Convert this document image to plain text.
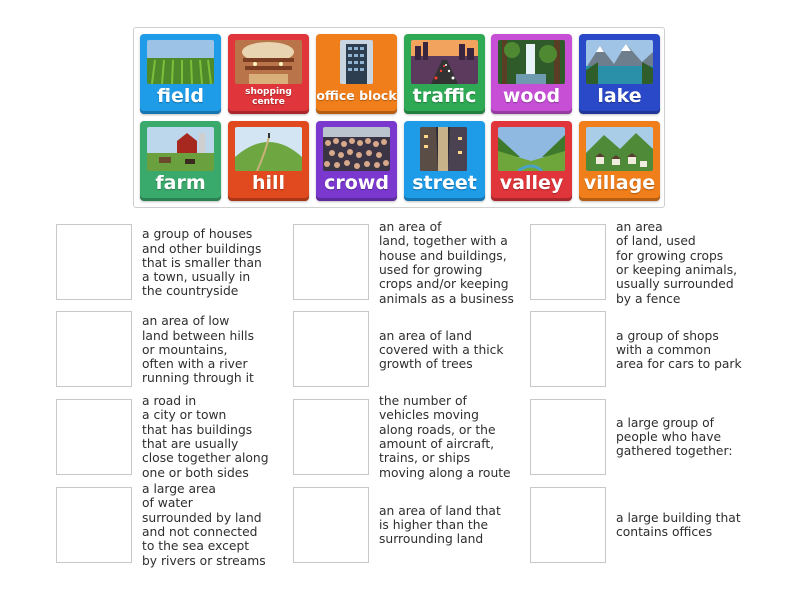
field	shopping centre	office block traffic	wood	lake
farm	hill	crowd	street	valley	village
a group of houses
and other buildings
that is smaller than
a town, usually in
the countryside
an area of
land, together with a
house and buildings,
used for growing
crops and/or keeping
animals as a business
an area
of land, used
for growing crops
or keeping animals,
usually surrounded
by a fence
an area of low
land between hills
or mountains,
often with a river
running through it
an area of land
covered with a thick
growth of trees
a group of shops
with a common
area for cars to park
a road in
a city or town
that has buildings
that are usually
close together along
one or both sides
the number of
vehicles moving
along roads, or the
amount of aircraft,
trains, or ships
moving along a route
a large group of
people who have
gathered together:
a large area
of water
surrounded by land
and not connected
to the sea except
by rivers or streams
an area of land that
is higher than the
surrounding land
a large building that
contains offices
